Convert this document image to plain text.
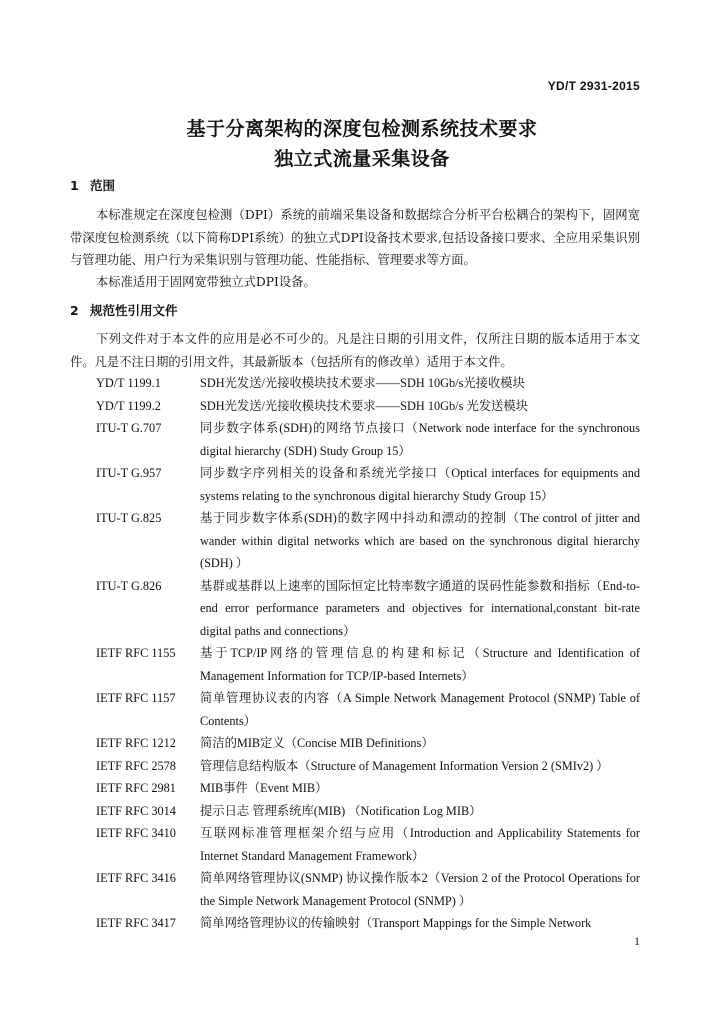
YD/T 2931-2015
基于分离架构的深度包检测系统技术要求
独立式流量采集设备
1 范围
本标准规定在深度包检测（DPI）系统的前端采集设备和数据综合分析平台松耦合的架构下，固网宽带深度包检测系统（以下简称DPI系统）的独立式DPI设备技术要求,包括设备接口要求、全应用采集识别与管理功能、用户行为采集识别与管理功能、性能指标、管理要求等方面。
本标准适用于固网宽带独立式DPI设备。
2 规范性引用文件
下列文件对于本文件的应用是必不可少的。凡是注日期的引用文件，仅所注日期的版本适用于本文件。凡是不注日期的引用文件，其最新版本（包括所有的修改单）适用于本文件。
YD/T 1199.1	SDH光发送/光接收模块技术要求——SDH 10Gb/s光接收模块
YD/T 1199.2	SDH光发送/光接收模块技术要求——SDH 10Gb/s 光发送模块
ITU-T G.707	同步数字体系(SDH)的网络节点接口（Network node interface for the synchronous digital hierarchy (SDH) Study Group 15）
ITU-T G.957	同步数字序列相关的设备和系统光学接口（Optical interfaces for equipments and systems relating to the synchronous digital hierarchy Study Group 15）
ITU-T G.825	基于同步数字体系(SDH)的数字网中抖动和漂动的控制（The control of jitter and wander within digital networks which are based on the synchronous digital hierarchy (SDH) ）
ITU-T G.826	基群或基群以上速率的国际恒定比特率数字通道的误码性能参数和指标（End-to-end error performance parameters and objectives for international,constant bit-rate digital paths and connections）
IETF RFC 1155	基于TCP/IP网络的管理信息的构建和标记（Structure and Identification of Management Information for TCP/IP-based Internets）
IETF RFC 1157	简单管理协议表的内容（A Simple Network Management Protocol (SNMP) Table of Contents）
IETF RFC 1212	简洁的MIB定义（Concise MIB Definitions）
IETF RFC 2578	管理信息结构版本（Structure of Management Information Version 2 (SMIv2) ）
IETF RFC 2981	MIB事件（Event MIB）
IETF RFC 3014	提示日志 管理系统库(MIB) （Notification Log MIB）
IETF RFC 3410	互联网标准管理框架介绍与应用（Introduction and Applicability Statements for Internet Standard Management Framework）
IETF RFC 3416	简单网络管理协议(SNMP) 协议操作版本2（Version 2 of the Protocol Operations for the Simple Network Management Protocol (SNMP) ）
IETF RFC 3417	简单网络管理协议的传输映射（Transport Mappings for the Simple Network
1
